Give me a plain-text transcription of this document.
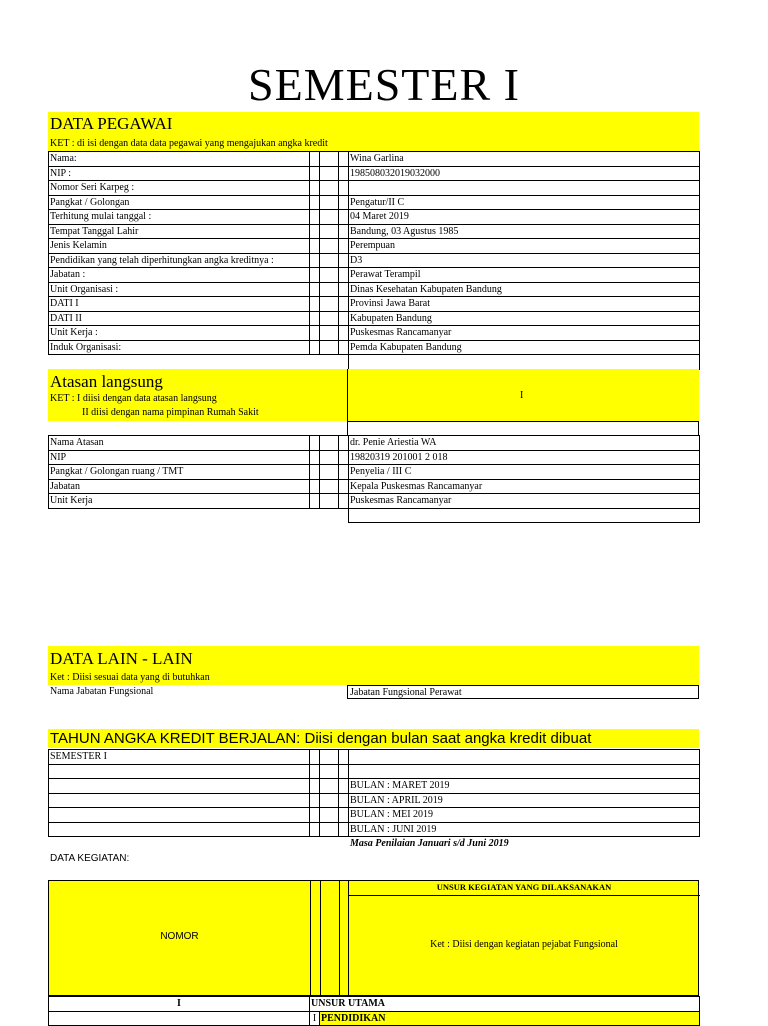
SEMESTER I
DATA PEGAWAI
KET : di isi dengan data data pegawai yang mengajukan angka kredit
Nama:				Wina Garlina
NIP :				198508032019032000
Nomor Seri Karpeg :				
Pangkat / Golongan				Pengatur/II C
Terhitung mulai tanggal :				04 Maret 2019
Tempat Tanggal Lahir				Bandung, 03 Agustus 1985
Jenis Kelamin				Perempuan
Pendidikan yang telah diperhitungkan angka kreditnya :				D3
Jabatan :				Perawat Terampil
Unit Organisasi :				Dinas Kesehatan Kabupaten Bandung
DATI I				Provinsi Jawa Barat
DATI II				Kabupaten Bandung
Unit Kerja :				Puskesmas Rancamanyar
Induk Organisasi:				Pemda Kabupaten Bandung

Atasan langsung
KET : I diisi dengan data atasan langsung
II diisi dengan nama pimpinan Rumah Sakit
I
Nama Atasan				dr. Penie Ariestia WA
NIP				19820319 201001 2 018
Pangkat / Golongan ruang / TMT				Penyelia / III C
Jabatan				Kepala Puskesmas Rancamanyar
Unit Kerja				Puskesmas Rancamanyar

DATA LAIN - LAIN
Ket : Diisi sesuai data yang di butuhkan
Nama Jabatan Fungsional	Jabatan Fungsional Perawat
TAHUN ANGKA KREDIT BERJALAN: Diisi dengan bulan saat angka kredit dibuat
SEMESTER I				

				BULAN : MARET 2019
				BULAN : APRIL 2019
				BULAN : MEI 2019
				BULAN : JUNI 2019
Masa Penilaian Januari s/d Juni 2019
DATA KEGIATAN:
NOMOR
UNSUR KEGIATAN YANG DILAKSANAKAN
Ket : Diisi dengan kegiatan pejabat Fungsional
I	UNSUR UTAMA	
	I	PENDIDIKAN
